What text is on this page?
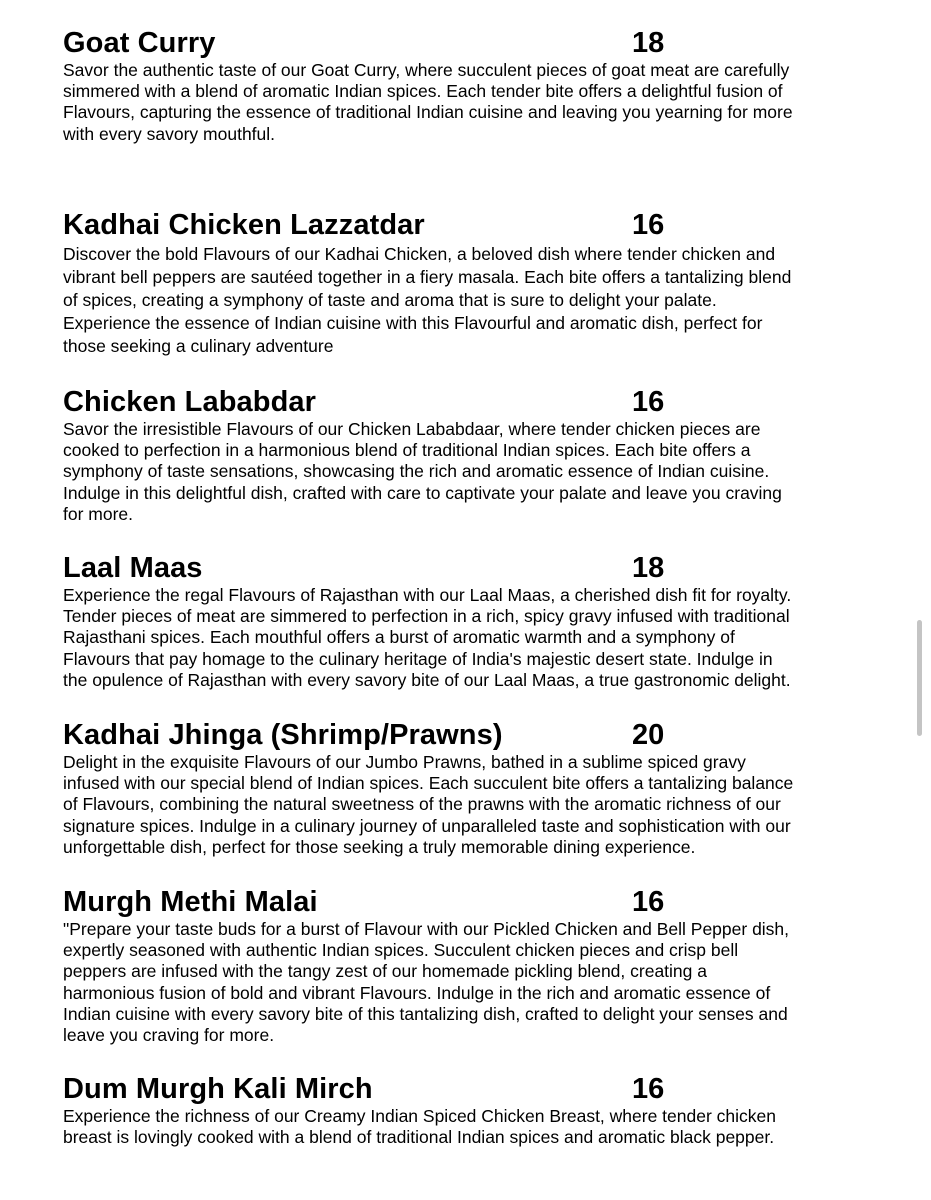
Goat Curry	18

Savor the authentic taste of our Goat Curry, where succulent pieces of goat meat are carefully
simmered with a blend of aromatic Indian spices. Each tender bite offers a delightful fusion of
Flavours, capturing the essence of traditional Indian cuisine and leaving you yearning for more
with every savory mouthful.

Kadhai Chicken Lazzatdar	16

Discover the bold Flavours of our Kadhai Chicken, a beloved dish where tender chicken and
vibrant bell peppers are sautéed together in a fiery masala. Each bite offers a tantalizing blend
of spices, creating a symphony of taste and aroma that is sure to delight your palate.
Experience the essence of Indian cuisine with this Flavourful and aromatic dish, perfect for
those seeking a culinary adventure

Chicken Lababdar	16

Savor the irresistible Flavours of our Chicken Lababdaar, where tender chicken pieces are
cooked to perfection in a harmonious blend of traditional Indian spices. Each bite offers a
symphony of taste sensations, showcasing the rich and aromatic essence of Indian cuisine.
Indulge in this delightful dish, crafted with care to captivate your palate and leave you craving
for more.

Laal Maas	18

Experience the regal Flavours of Rajasthan with our Laal Maas, a cherished dish fit for royalty.
Tender pieces of meat are simmered to perfection in a rich, spicy gravy infused with traditional
Rajasthani spices. Each mouthful offers a burst of aromatic warmth and a symphony of
Flavours that pay homage to the culinary heritage of India's majestic desert state. Indulge in
the opulence of Rajasthan with every savory bite of our Laal Maas, a true gastronomic delight.

Kadhai Jhinga (Shrimp/Prawns)	20

Delight in the exquisite Flavours of our Jumbo Prawns, bathed in a sublime spiced gravy
infused with our special blend of Indian spices. Each succulent bite offers a tantalizing balance
of Flavours, combining the natural sweetness of the prawns with the aromatic richness of our
signature spices. Indulge in a culinary journey of unparalleled taste and sophistication with our
unforgettable dish, perfect for those seeking a truly memorable dining experience.

Murgh Methi Malai	16

"Prepare your taste buds for a burst of Flavour with our Pickled Chicken and Bell Pepper dish,
expertly seasoned with authentic Indian spices. Succulent chicken pieces and crisp bell
peppers are infused with the tangy zest of our homemade pickling blend, creating a
harmonious fusion of bold and vibrant Flavours. Indulge in the rich and aromatic essence of
Indian cuisine with every savory bite of this tantalizing dish, crafted to delight your senses and
leave you craving for more.

Dum Murgh Kali Mirch	16

Experience the richness of our Creamy Indian Spiced Chicken Breast, where tender chicken
breast is lovingly cooked with a blend of traditional Indian spices and aromatic black pepper.
